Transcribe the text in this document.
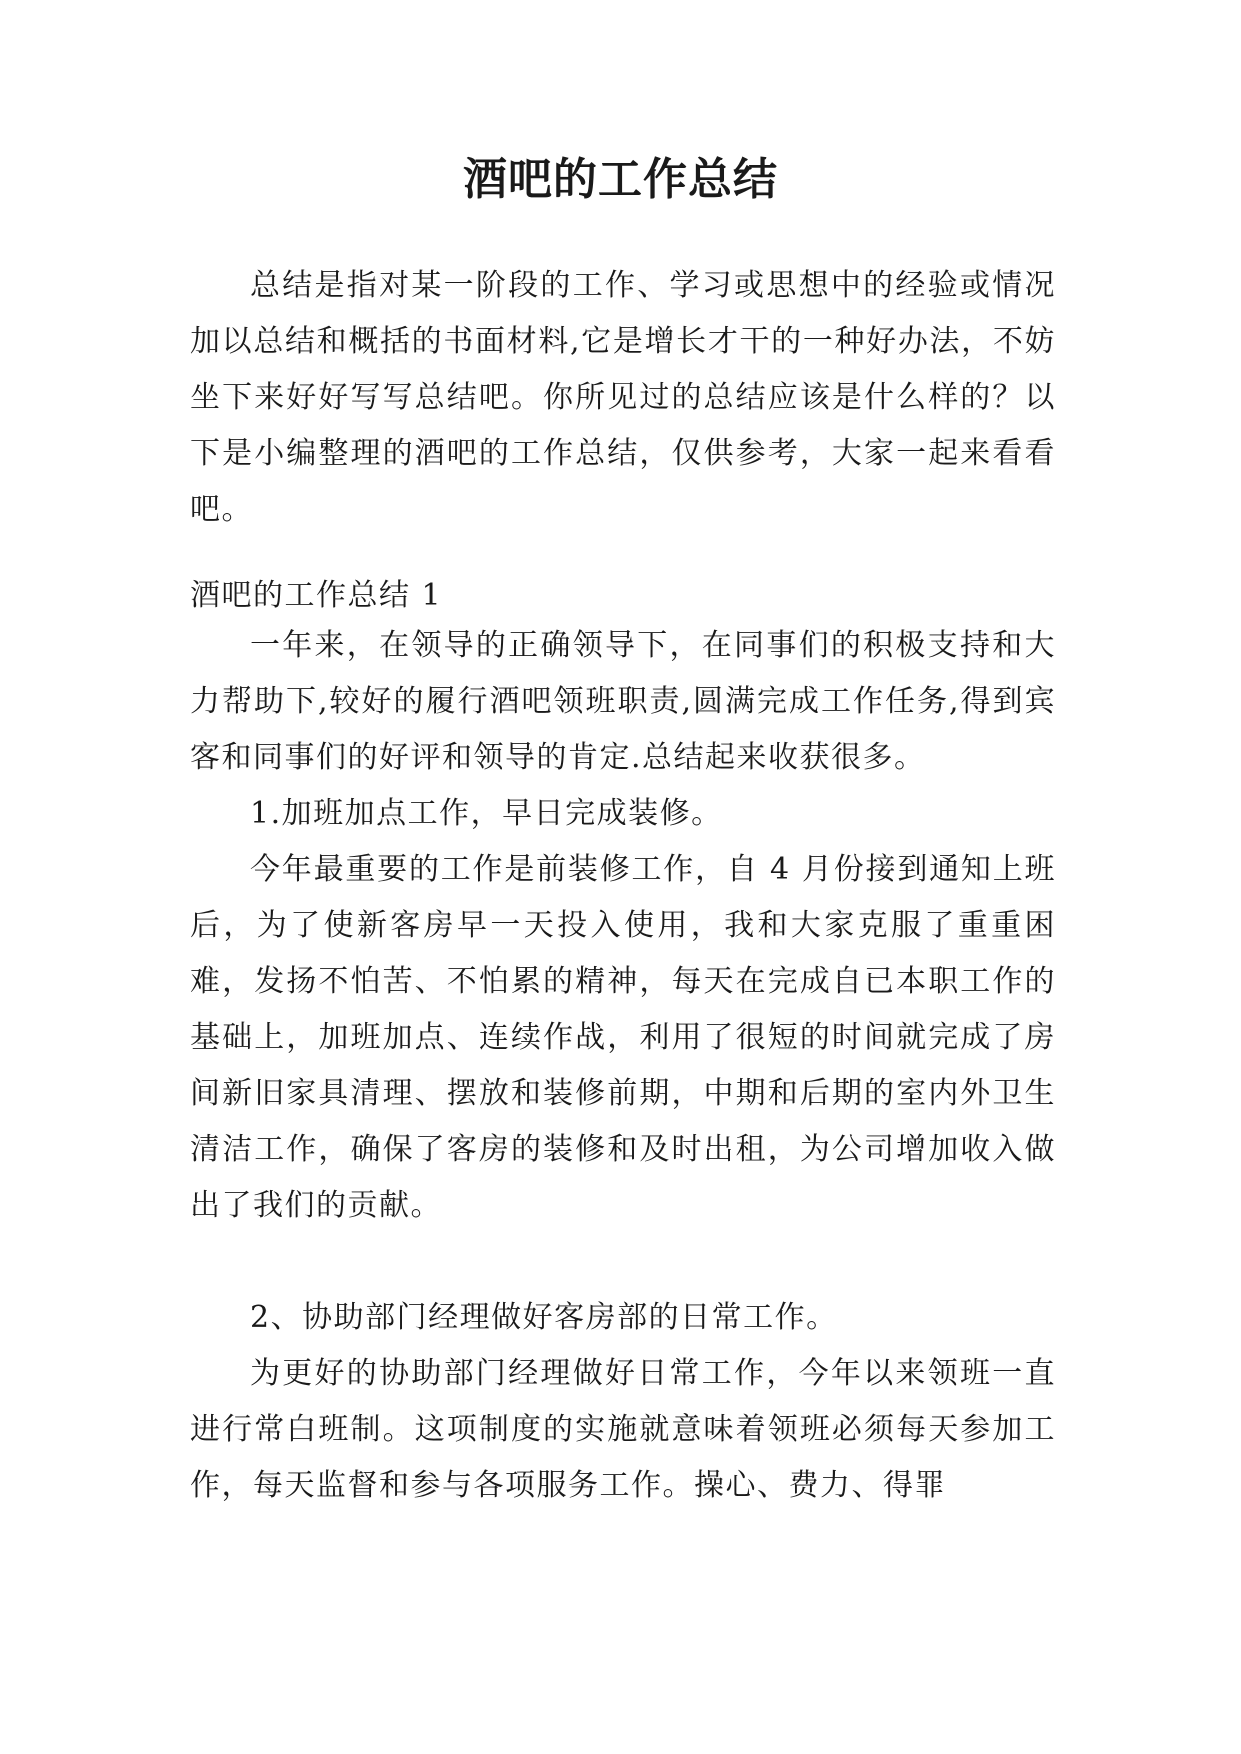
酒吧的工作总结

总结是指对某一阶段的工作、学习或思想中的经验或情况加以总结和概括的书面材料,它是增长才干的一种好办法，不妨坐下来好好写写总结吧。你所见过的总结应该是什么样的？以下是小编整理的酒吧的工作总结，仅供参考，大家一起来看看吧。

酒吧的工作总结 1

一年来，在领导的正确领导下，在同事们的积极支持和大力帮助下,较好的履行酒吧领班职责,圆满完成工作任务,得到宾客和同事们的好评和领导的肯定.总结起来收获很多。

1.加班加点工作，早日完成装修。

今年最重要的工作是前装修工作，自 4 月份接到通知上班后，为了使新客房早一天投入使用，我和大家克服了重重困难，发扬不怕苦、不怕累的精神，每天在完成自已本职工作的基础上，加班加点、连续作战，利用了很短的时间就完成了房间新旧家具清理、摆放和装修前期，中期和后期的室内外卫生清洁工作，确保了客房的装修和及时出租，为公司增加收入做出了我们的贡献。

2、协助部门经理做好客房部的日常工作。

为更好的协助部门经理做好日常工作，今年以来领班一直进行常白班制。这项制度的实施就意味着领班必须每天参加工作，每天监督和参与各项服务工作。操心、费力、得罪
